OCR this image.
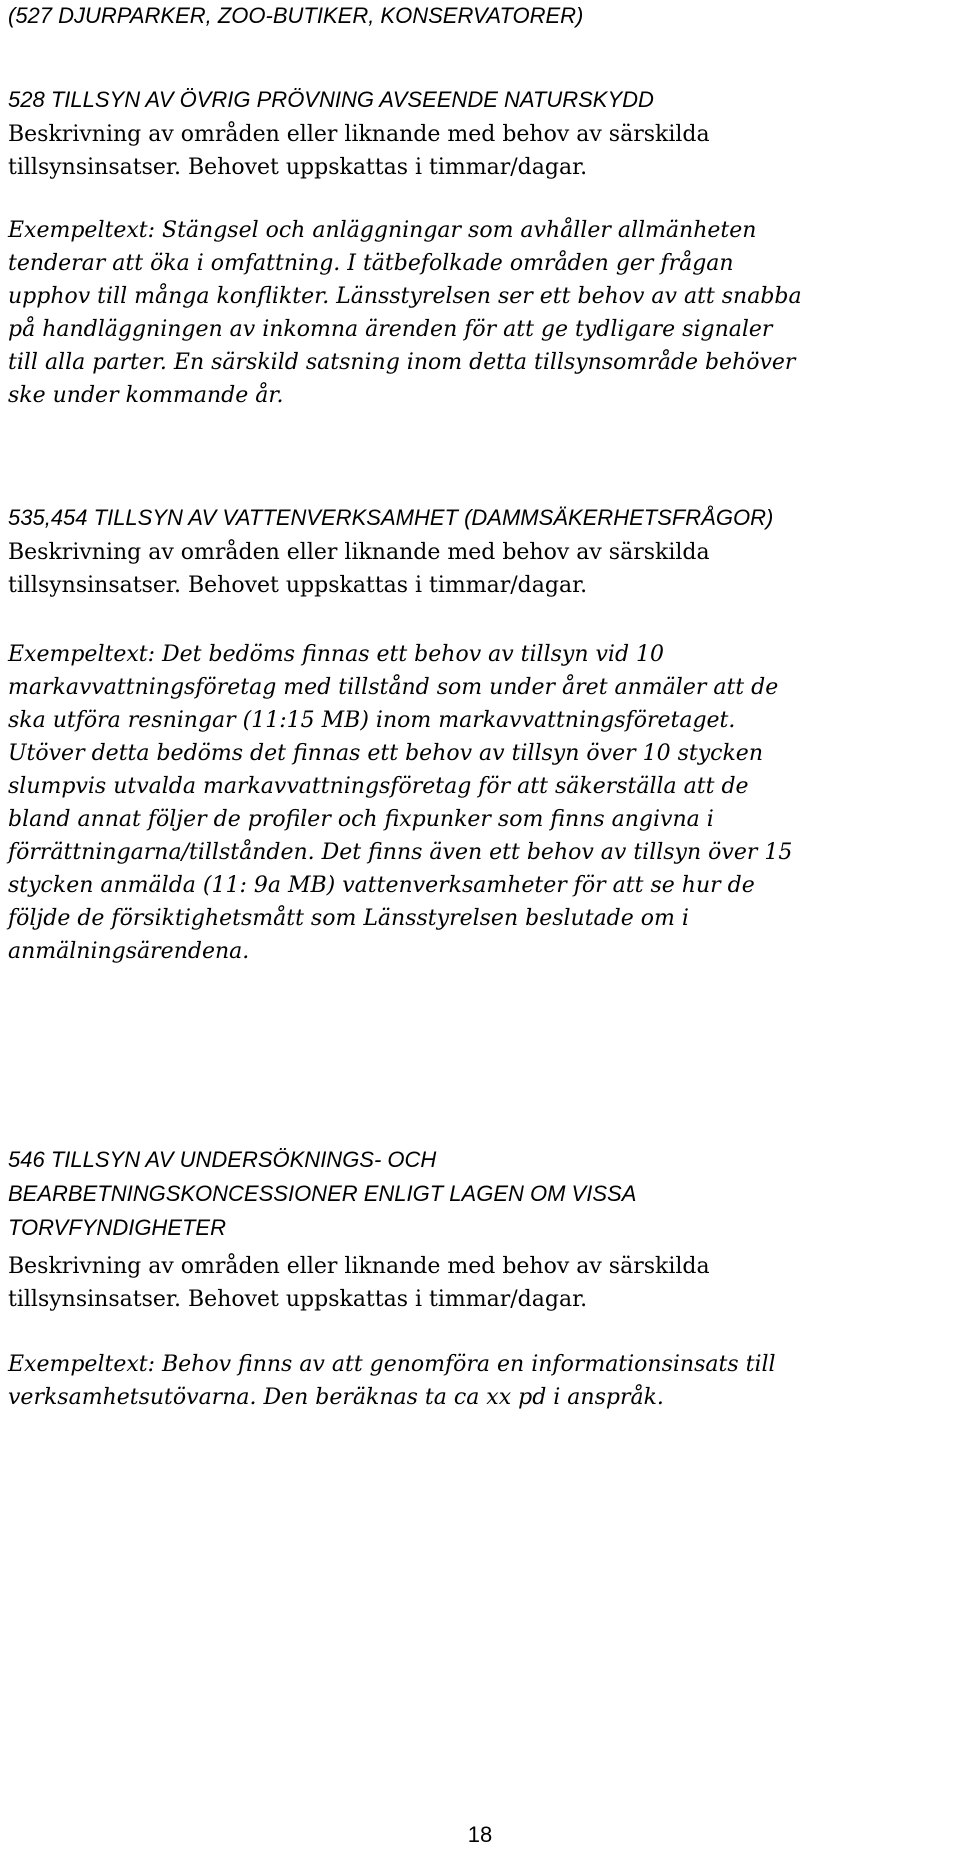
(527 DJURPARKER, ZOO-BUTIKER, KONSERVATORER)

528 TILLSYN AV ÖVRIG PRÖVNING AVSEENDE NATURSKYDD

Beskrivning av områden eller liknande med behov av särskilda
tillsynsinsatser. Behovet uppskattas i timmar/dagar.
Exempeltext: Stängsel och anläggningar som avhåller allmänheten
tenderar att öka i omfattning. I tätbefolkade områden ger frågan
upphov till många konflikter. Länsstyrelsen ser ett behov av att snabba
på handläggningen av inkomna ärenden för att ge tydligare signaler
till alla parter. En särskild satsning inom detta tillsynsområde behöver
ske under kommande år.

535,454 TILLSYN AV VATTENVERKSAMHET (DAMMSÄKERHETSFRÅGOR)

Beskrivning av områden eller liknande med behov av särskilda
tillsynsinsatser. Behovet uppskattas i timmar/dagar.
Exempeltext: Det bedöms finnas ett behov av tillsyn vid 10
markavvattningsföretag med tillstånd som under året anmäler att de
ska utföra resningar (11:15 MB) inom markavvattningsföretaget.
Utöver detta bedöms det finnas ett behov av tillsyn över 10 stycken
slumpvis utvalda markavvattningsföretag för att säkerställa att de
bland annat följer de profiler och fixpunker som finns angivna i
förrättningarna/tillstånden. Det finns även ett behov av tillsyn över 15
stycken anmälda (11: 9a MB) vattenverksamheter för att se hur de
följde de försiktighetsmått som Länsstyrelsen beslutade om i
anmälningsärendena.
546 TILLSYN AV UNDERSÖKNINGS- OCH
BEARBETNINGSKONCESSIONER ENLIGT LAGEN OM VISSA
TORVFYNDIGHETER
Beskrivning av områden eller liknande med behov av särskilda
tillsynsinsatser. Behovet uppskattas i timmar/dagar.
Exempeltext: Behov finns av att genomföra en informationsinsats till
verksamhetsutövarna. Den beräknas ta ca xx pd i anspråk.
18
